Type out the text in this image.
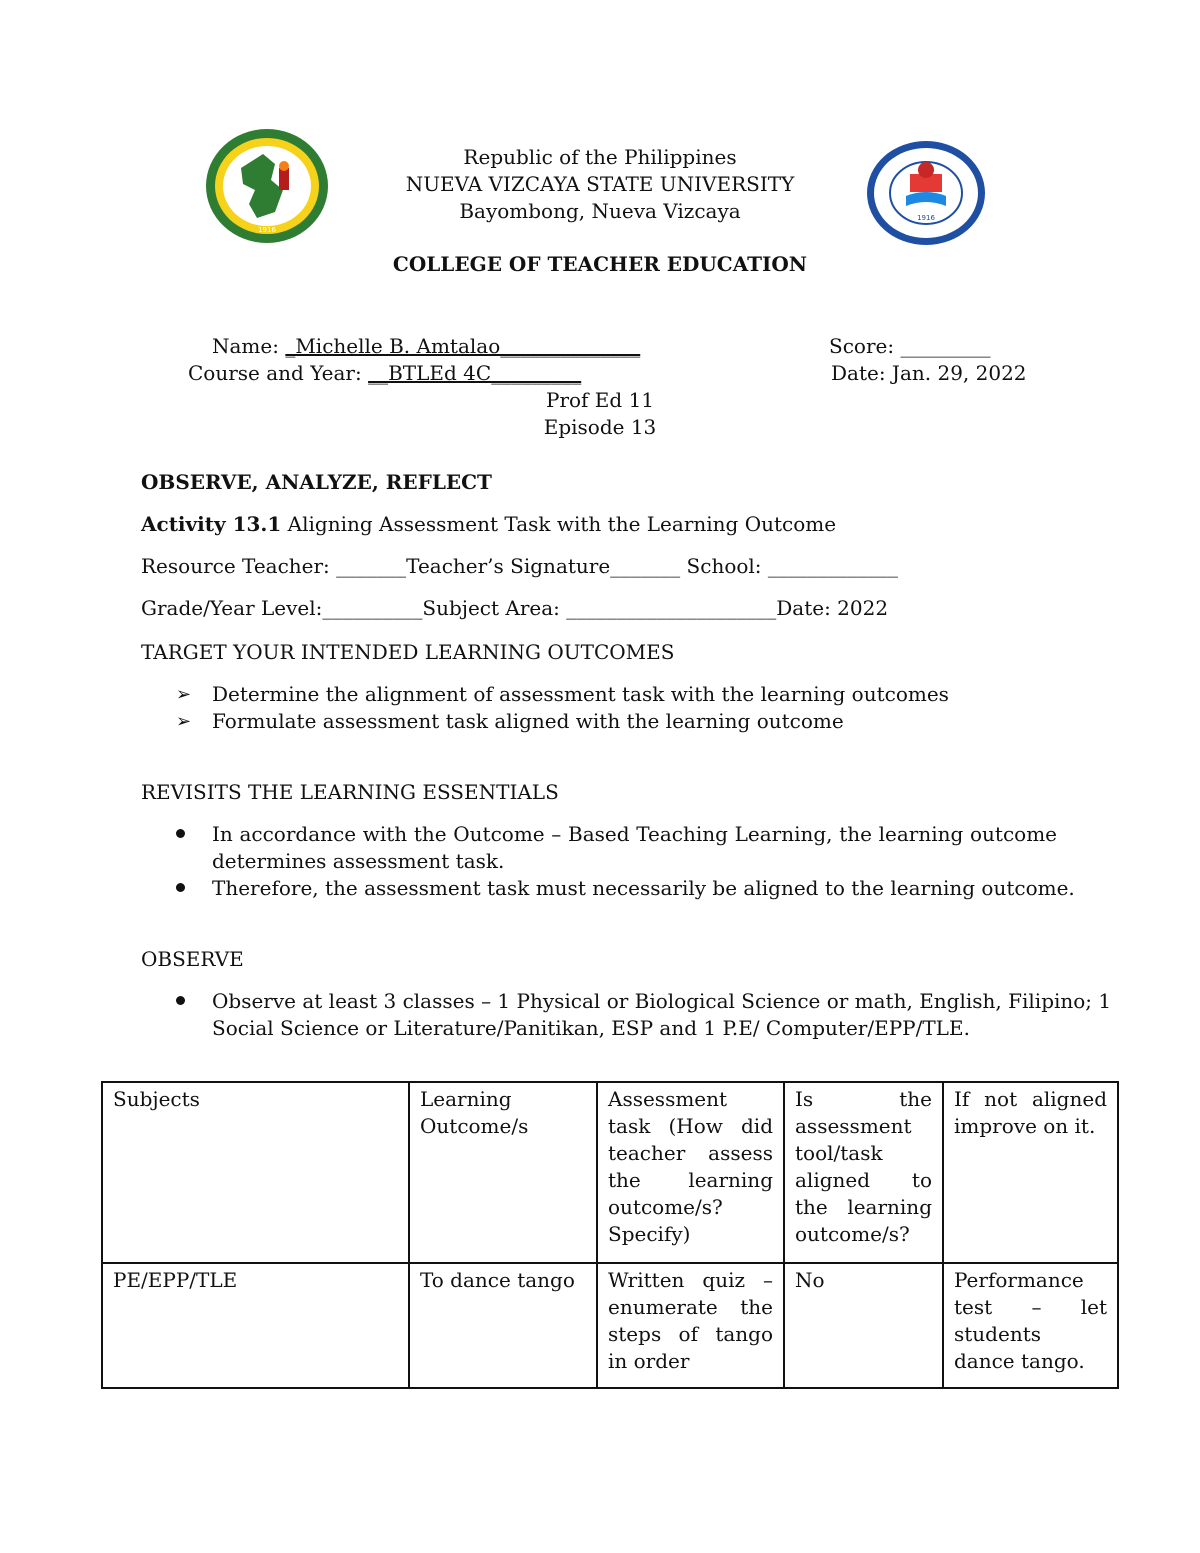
1916
1916
NVSU
Republic of the Philippines
NUEVA VIZCAYA STATE UNIVERSITY
Bayombong, Nueva Vizcaya
COLLEGE OF TEACHER EDUCATION
Name: _Michelle B. Amtalao______________	Score: _________
Course and Year: __BTLEd 4C_________	Date: Jan. 29, 2022
Prof Ed 11
Episode 13
OBSERVE, ANALYZE, REFLECT
Activity 13.1 Aligning Assessment Task with the Learning Outcome
Resource Teacher: _______Teacher’s Signature_______ School: _____________
Grade/Year Level:__________Subject Area: _____________________Date: 2022
TARGET YOUR INTENDED LEARNING OUTCOMES
➢ Determine the alignment of assessment task with the learning outcomes
➢ Formulate assessment task aligned with the learning outcome
REVISITS THE LEARNING ESSENTIALS
In accordance with the Outcome – Based Teaching Learning, the learning outcome
determines assessment task.
Therefore, the assessment task must necessarily be aligned to the learning outcome.
OBSERVE
Observe at least 3 classes – 1 Physical or Biological Science or math, English, Filipino; 1
Social Science or Literature/Panitikan, ESP and 1 P.E/ Computer/EPP/TLE.
Subjects	Learning Outcome/s	Assessment task (How did teacher assess the learning outcome/s? Specify)	Is the assessment tool/task aligned to the learning outcome/s?	If not aligned improve on it.
PE/EPP/TLE	To dance tango	Written quiz – enumerate the steps of tango in order	No	Performance test – let students dance tango.
